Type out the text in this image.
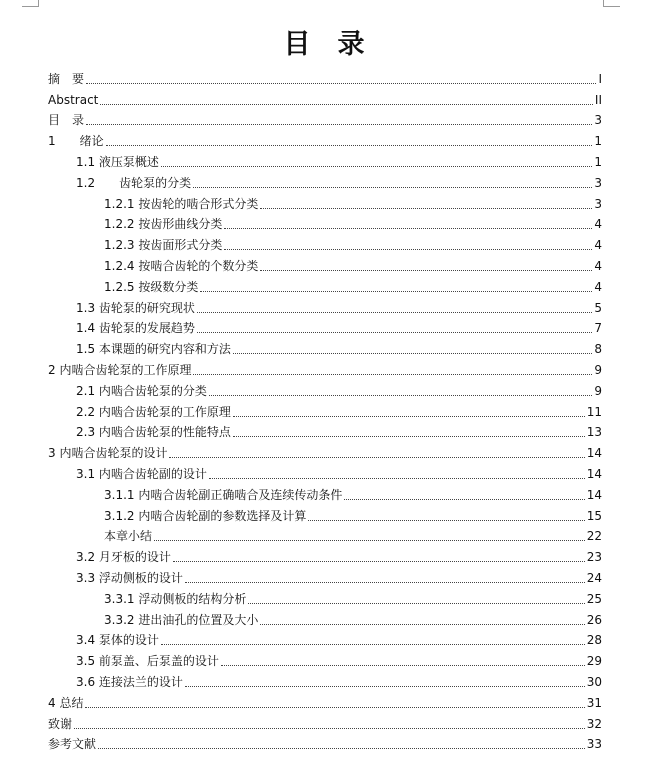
目　录
摘　要	I
Abstract	II
目　录	3
1　　绪论	1
1.1 液压泵概述	1
1.2　　齿轮泵的分类	3
1.2.1 按齿轮的啮合形式分类	3
1.2.2 按齿形曲线分类	4
1.2.3 按齿面形式分类	4
1.2.4 按啮合齿轮的个数分类	4
1.2.5 按级数分类	4
1.3 齿轮泵的研究现状	5
1.4 齿轮泵的发展趋势	7
1.5 本课题的研究内容和方法	8
2 内啮合齿轮泵的工作原理	9
2.1 内啮合齿轮泵的分类	9
2.2 内啮合齿轮泵的工作原理	11
2.3 内啮合齿轮泵的性能特点	13
3 内啮合齿轮泵的设计	14
3.1 内啮合齿轮副的设计	14
3.1.1 内啮合齿轮副正确啮合及连续传动条件	14
3.1.2 内啮合齿轮副的参数选择及计算	15
本章小结	22
3.2 月牙板的设计	23
3.3 浮动侧板的设计	24
3.3.1 浮动侧板的结构分析	25
3.3.2 进出油孔的位置及大小	26
3.4 泵体的设计	28
3.5 前泵盖、后泵盖的设计	29
3.6 连接法兰的设计	30
4 总结	31
致谢	32
参考文献	33
